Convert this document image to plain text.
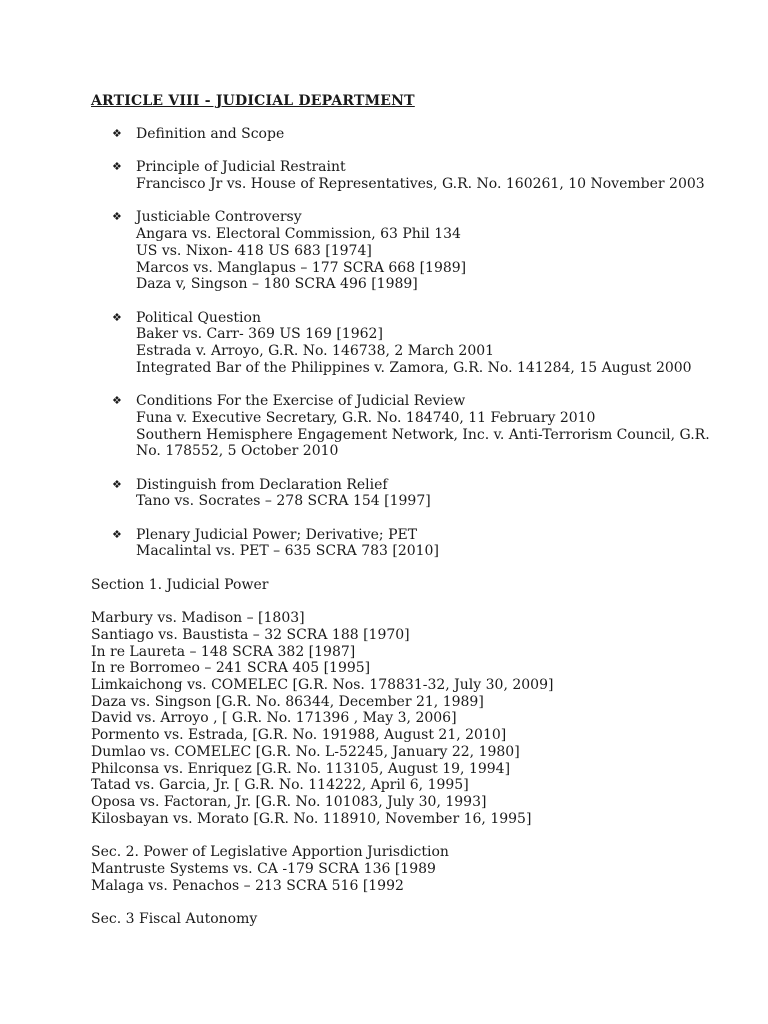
ARTICLE VIII - JUDICIAL DEPARTMENT
❖ Definition and Scope
❖ Principle of Judicial Restraint
Francisco Jr vs. House of Representatives, G.R. No. 160261, 10 November 2003
❖ Justiciable Controversy
Angara vs. Electoral Commission, 63 Phil 134
US vs. Nixon- 418 US 683 [1974]
Marcos vs. Manglapus – 177 SCRA 668 [1989]
Daza v, Singson – 180 SCRA 496 [1989]
❖ Political Question
Baker vs. Carr- 369 US 169 [1962]
Estrada v. Arroyo, G.R. No. 146738, 2 March 2001
Integrated Bar of the Philippines v. Zamora, G.R. No. 141284, 15 August 2000
❖ Conditions For the Exercise of Judicial Review
Funa v. Executive Secretary, G.R. No. 184740, 11 February 2010
Southern Hemisphere Engagement Network, Inc. v. Anti-Terrorism Council, G.R.
No. 178552, 5 October 2010
❖ Distinguish from Declaration Relief
Tano vs. Socrates – 278 SCRA 154 [1997]
❖ Plenary Judicial Power; Derivative; PET
Macalintal vs. PET – 635 SCRA 783 [2010]
Section 1. Judicial Power
Marbury vs. Madison – [1803]
Santiago vs. Baustista – 32 SCRA 188 [1970]
In re Laureta – 148 SCRA 382 [1987]
In re Borromeo – 241 SCRA 405 [1995]
Limkaichong vs. COMELEC [G.R. Nos. 178831-32, July 30, 2009]
Daza vs. Singson [G.R. No. 86344, December 21, 1989]
David vs. Arroyo , [ G.R. No. 171396 , May 3, 2006]
Pormento vs. Estrada, [G.R. No. 191988, August 21, 2010]
Dumlao vs. COMELEC [G.R. No. L-52245, January 22, 1980]
Philconsa vs. Enriquez [G.R. No. 113105, August 19, 1994]
Tatad vs. Garcia, Jr. [ G.R. No. 114222, April 6, 1995]
Oposa vs. Factoran, Jr. [G.R. No. 101083, July 30, 1993]
Kilosbayan vs. Morato [G.R. No. 118910, November 16, 1995]
Sec. 2. Power of Legislative Apportion Jurisdiction
Mantruste Systems vs. CA -179 SCRA 136 [1989
Malaga vs. Penachos – 213 SCRA 516 [1992
Sec. 3 Fiscal Autonomy
